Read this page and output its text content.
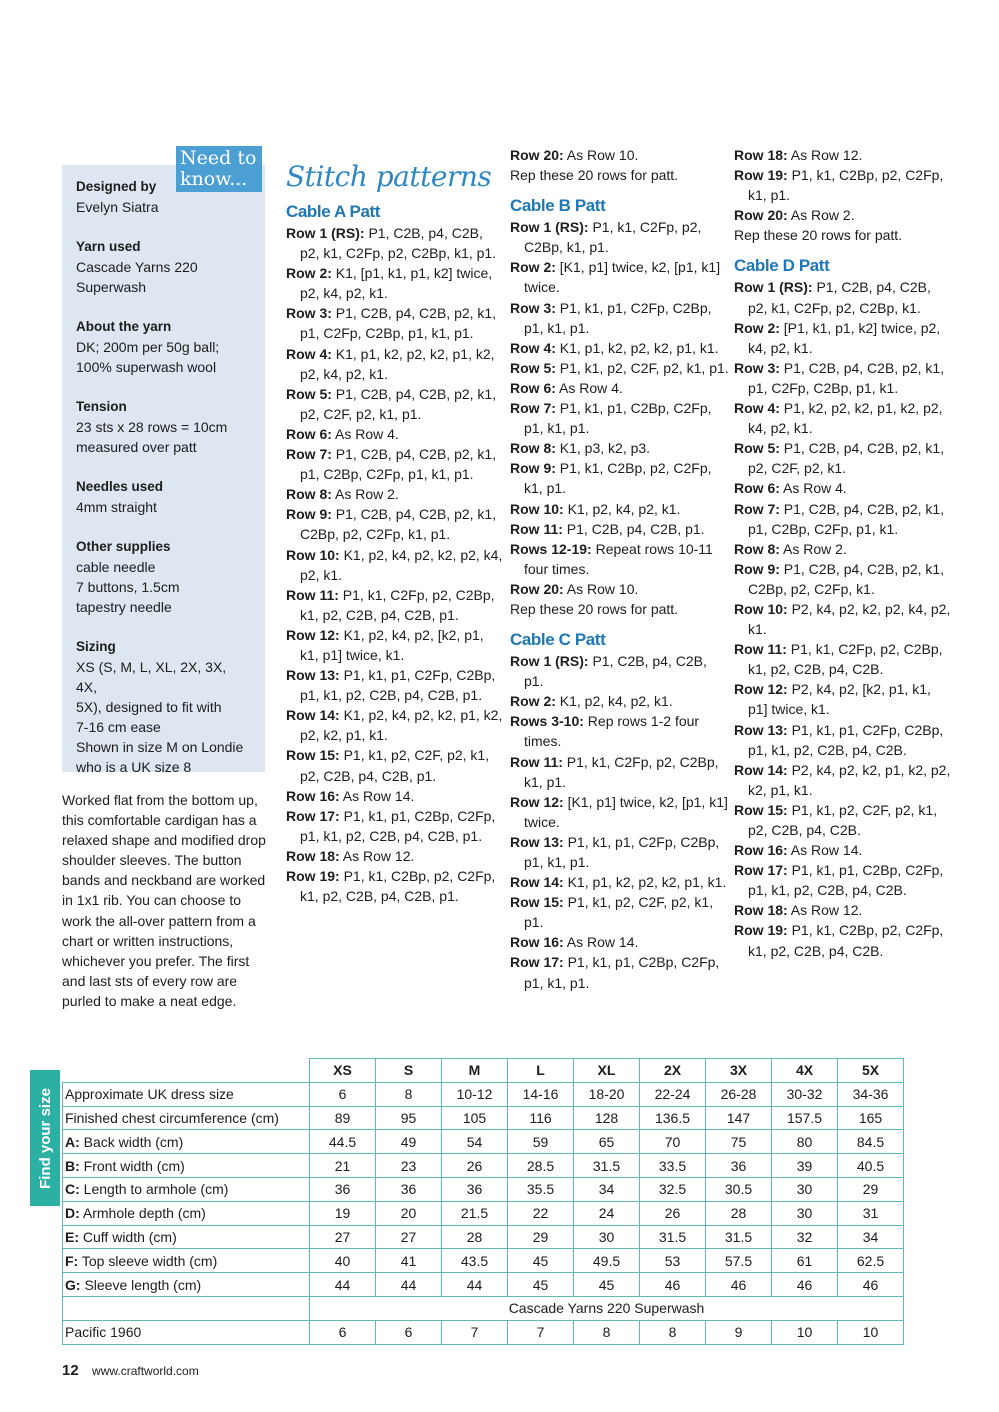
Designed by
Evelyn Siatra
Yarn used
Cascade Yarns 220
Superwash
About the yarn
DK; 200m per 50g ball;
100% superwash wool
Tension
23 sts x 28 rows = 10cm
measured over patt
Needles used
4mm straight
Other supplies
cable needle
7 buttons, 1.5cm
tapestry needle
Sizing
XS (S, M, L, XL, 2X, 3X, 4X,
5X), designed to fit with
7-16 cm ease
Shown in size M on Londie
who is a UK size 8
Need to know...
Worked flat from the bottom up, this comfortable cardigan has a relaxed shape and modified drop shoulder sleeves. The button bands and neckband are worked in 1x1 rib. You can choose to work the all-over pattern from a chart or written instructions, whichever you prefer. The first and last sts of every row are purled to make a neat edge.
Stitch patterns
Cable A Patt
Row 1 (RS): P1, C2B, p4, C2B, p2, k1, C2Fp, p2, C2Bp, k1, p1.
Row 2: K1, [p1, k1, p1, k2] twice, p2, k4, p2, k1.
Row 3: P1, C2B, p4, C2B, p2, k1, p1, C2Fp, C2Bp, p1, k1, p1.
Row 4: K1, p1, k2, p2, k2, p1, k2, p2, k4, p2, k1.
Row 5: P1, C2B, p4, C2B, p2, k1, p2, C2F, p2, k1, p1.
Row 6: As Row 4.
Row 7: P1, C2B, p4, C2B, p2, k1, p1, C2Bp, C2Fp, p1, k1, p1.
Row 8: As Row 2.
Row 9: P1, C2B, p4, C2B, p2, k1, C2Bp, p2, C2Fp, k1, p1.
Row 10: K1, p2, k4, p2, k2, p2, k4, p2, k1.
Row 11: P1, k1, C2Fp, p2, C2Bp, k1, p2, C2B, p4, C2B, p1.
Row 12: K1, p2, k4, p2, [k2, p1, k1, p1] twice, k1.
Row 13: P1, k1, p1, C2Fp, C2Bp, p1, k1, p2, C2B, p4, C2B, p1.
Row 14: K1, p2, k4, p2, k2, p1, k2, p2, k2, p1, k1.
Row 15: P1, k1, p2, C2F, p2, k1, p2, C2B, p4, C2B, p1.
Row 16: As Row 14.
Row 17: P1, k1, p1, C2Bp, C2Fp, p1, k1, p2, C2B, p4, C2B, p1.
Row 18: As Row 12.
Row 19: P1, k1, C2Bp, p2, C2Fp, k1, p2, C2B, p4, C2B, p1.
Row 20: As Row 10.
Rep these 20 rows for patt.
Cable B Patt
Row 1 (RS): P1, k1, C2Fp, p2, C2Bp, k1, p1.
Row 2: [K1, p1] twice, k2, [p1, k1] twice.
Row 3: P1, k1, p1, C2Fp, C2Bp, p1, k1, p1.
Row 4: K1, p1, k2, p2, k2, p1, k1.
Row 5: P1, k1, p2, C2F, p2, k1, p1.
Row 6: As Row 4.
Row 7: P1, k1, p1, C2Bp, C2Fp, p1, k1, p1.
Row 8: K1, p3, k2, p3.
Row 9: P1, k1, C2Bp, p2, C2Fp, k1, p1.
Row 10: K1, p2, k4, p2, k1.
Row 11: P1, C2B, p4, C2B, p1.
Rows 12-19: Repeat rows 10-11 four times.
Row 20: As Row 10.
Rep these 20 rows for patt.
Cable C Patt
Row 1 (RS): P1, C2B, p4, C2B, p1.
Row 2: K1, p2, k4, p2, k1.
Rows 3-10: Rep rows 1-2 four times.
Row 11: P1, k1, C2Fp, p2, C2Bp, k1, p1.
Row 12: [K1, p1] twice, k2, [p1, k1] twice.
Row 13: P1, k1, p1, C2Fp, C2Bp, p1, k1, p1.
Row 14: K1, p1, k2, p2, k2, p1, k1.
Row 15: P1, k1, p2, C2F, p2, k1, p1.
Row 16: As Row 14.
Row 17: P1, k1, p1, C2Bp, C2Fp, p1, k1, p1.
Row 18: As Row 12.
Row 19: P1, k1, C2Bp, p2, C2Fp, k1, p1.
Row 20: As Row 2.
Rep these 20 rows for patt.
Cable D Patt
Row 1 (RS): P1, C2B, p4, C2B, p2, k1, C2Fp, p2, C2Bp, k1.
Row 2: [P1, k1, p1, k2] twice, p2, k4, p2, k1.
Row 3: P1, C2B, p4, C2B, p2, k1, p1, C2Fp, C2Bp, p1, k1.
Row 4: P1, k2, p2, k2, p1, k2, p2, k4, p2, k1.
Row 5: P1, C2B, p4, C2B, p2, k1, p2, C2F, p2, k1.
Row 6: As Row 4.
Row 7: P1, C2B, p4, C2B, p2, k1, p1, C2Bp, C2Fp, p1, k1.
Row 8: As Row 2.
Row 9: P1, C2B, p4, C2B, p2, k1, C2Bp, p2, C2Fp, k1.
Row 10: P2, k4, p2, k2, p2, k4, p2, k1.
Row 11: P1, k1, C2Fp, p2, C2Bp, k1, p2, C2B, p4, C2B.
Row 12: P2, k4, p2, [k2, p1, k1, p1] twice, k1.
Row 13: P1, k1, p1, C2Fp, C2Bp, p1, k1, p2, C2B, p4, C2B.
Row 14: P2, k4, p2, k2, p1, k2, p2, k2, p1, k1.
Row 15: P1, k1, p2, C2F, p2, k1, p2, C2B, p4, C2B.
Row 16: As Row 14.
Row 17: P1, k1, p1, C2Bp, C2Fp, p1, k1, p2, C2B, p4, C2B.
Row 18: As Row 12.
Row 19: P1, k1, C2Bp, p2, C2Fp, k1, p2, C2B, p4, C2B.
Find your size
	XS	S	M	L	XL	2X	3X	4X	5X
Approximate UK dress size	6	8	10-12	14-16	18-20	22-24	26-28	30-32	34-36
Finished chest circumference (cm)	89	95	105	116	128	136.5	147	157.5	165
A: Back width (cm)	44.5	49	54	59	65	70	75	80	84.5
B: Front width (cm)	21	23	26	28.5	31.5	33.5	36	39	40.5
C: Length to armhole (cm)	36	36	36	35.5	34	32.5	30.5	30	29
D: Armhole depth (cm)	19	20	21.5	22	24	26	28	30	31
E: Cuff width (cm)	27	27	28	29	30	31.5	31.5	32	34
F: Top sleeve width (cm)	40	41	43.5	45	49.5	53	57.5	61	62.5
G: Sleeve length (cm)	44	44	44	45	45	46	46	46	46
	Cascade Yarns 220 Superwash								
Pacific 1960	6	6	7	7	8	8	9	10	10
12 www.craftworld.com
